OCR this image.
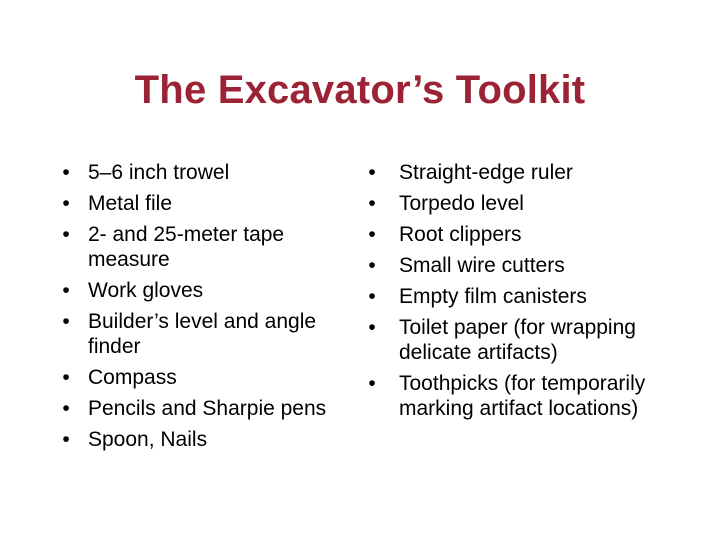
The Excavator’s Toolkit
• 5–6 inch trowel
• Metal file
• 2- and 25-meter tape measure
• Work gloves
• Builder’s level and angle finder
• Compass
• Pencils and Sharpie pens
• Spoon, Nails
• Straight-edge ruler
• Torpedo level
• Root clippers
• Small wire cutters
• Empty film canisters
• Toilet paper (for wrapping delicate artifacts)
• Toothpicks (for temporarily marking artifact locations)
